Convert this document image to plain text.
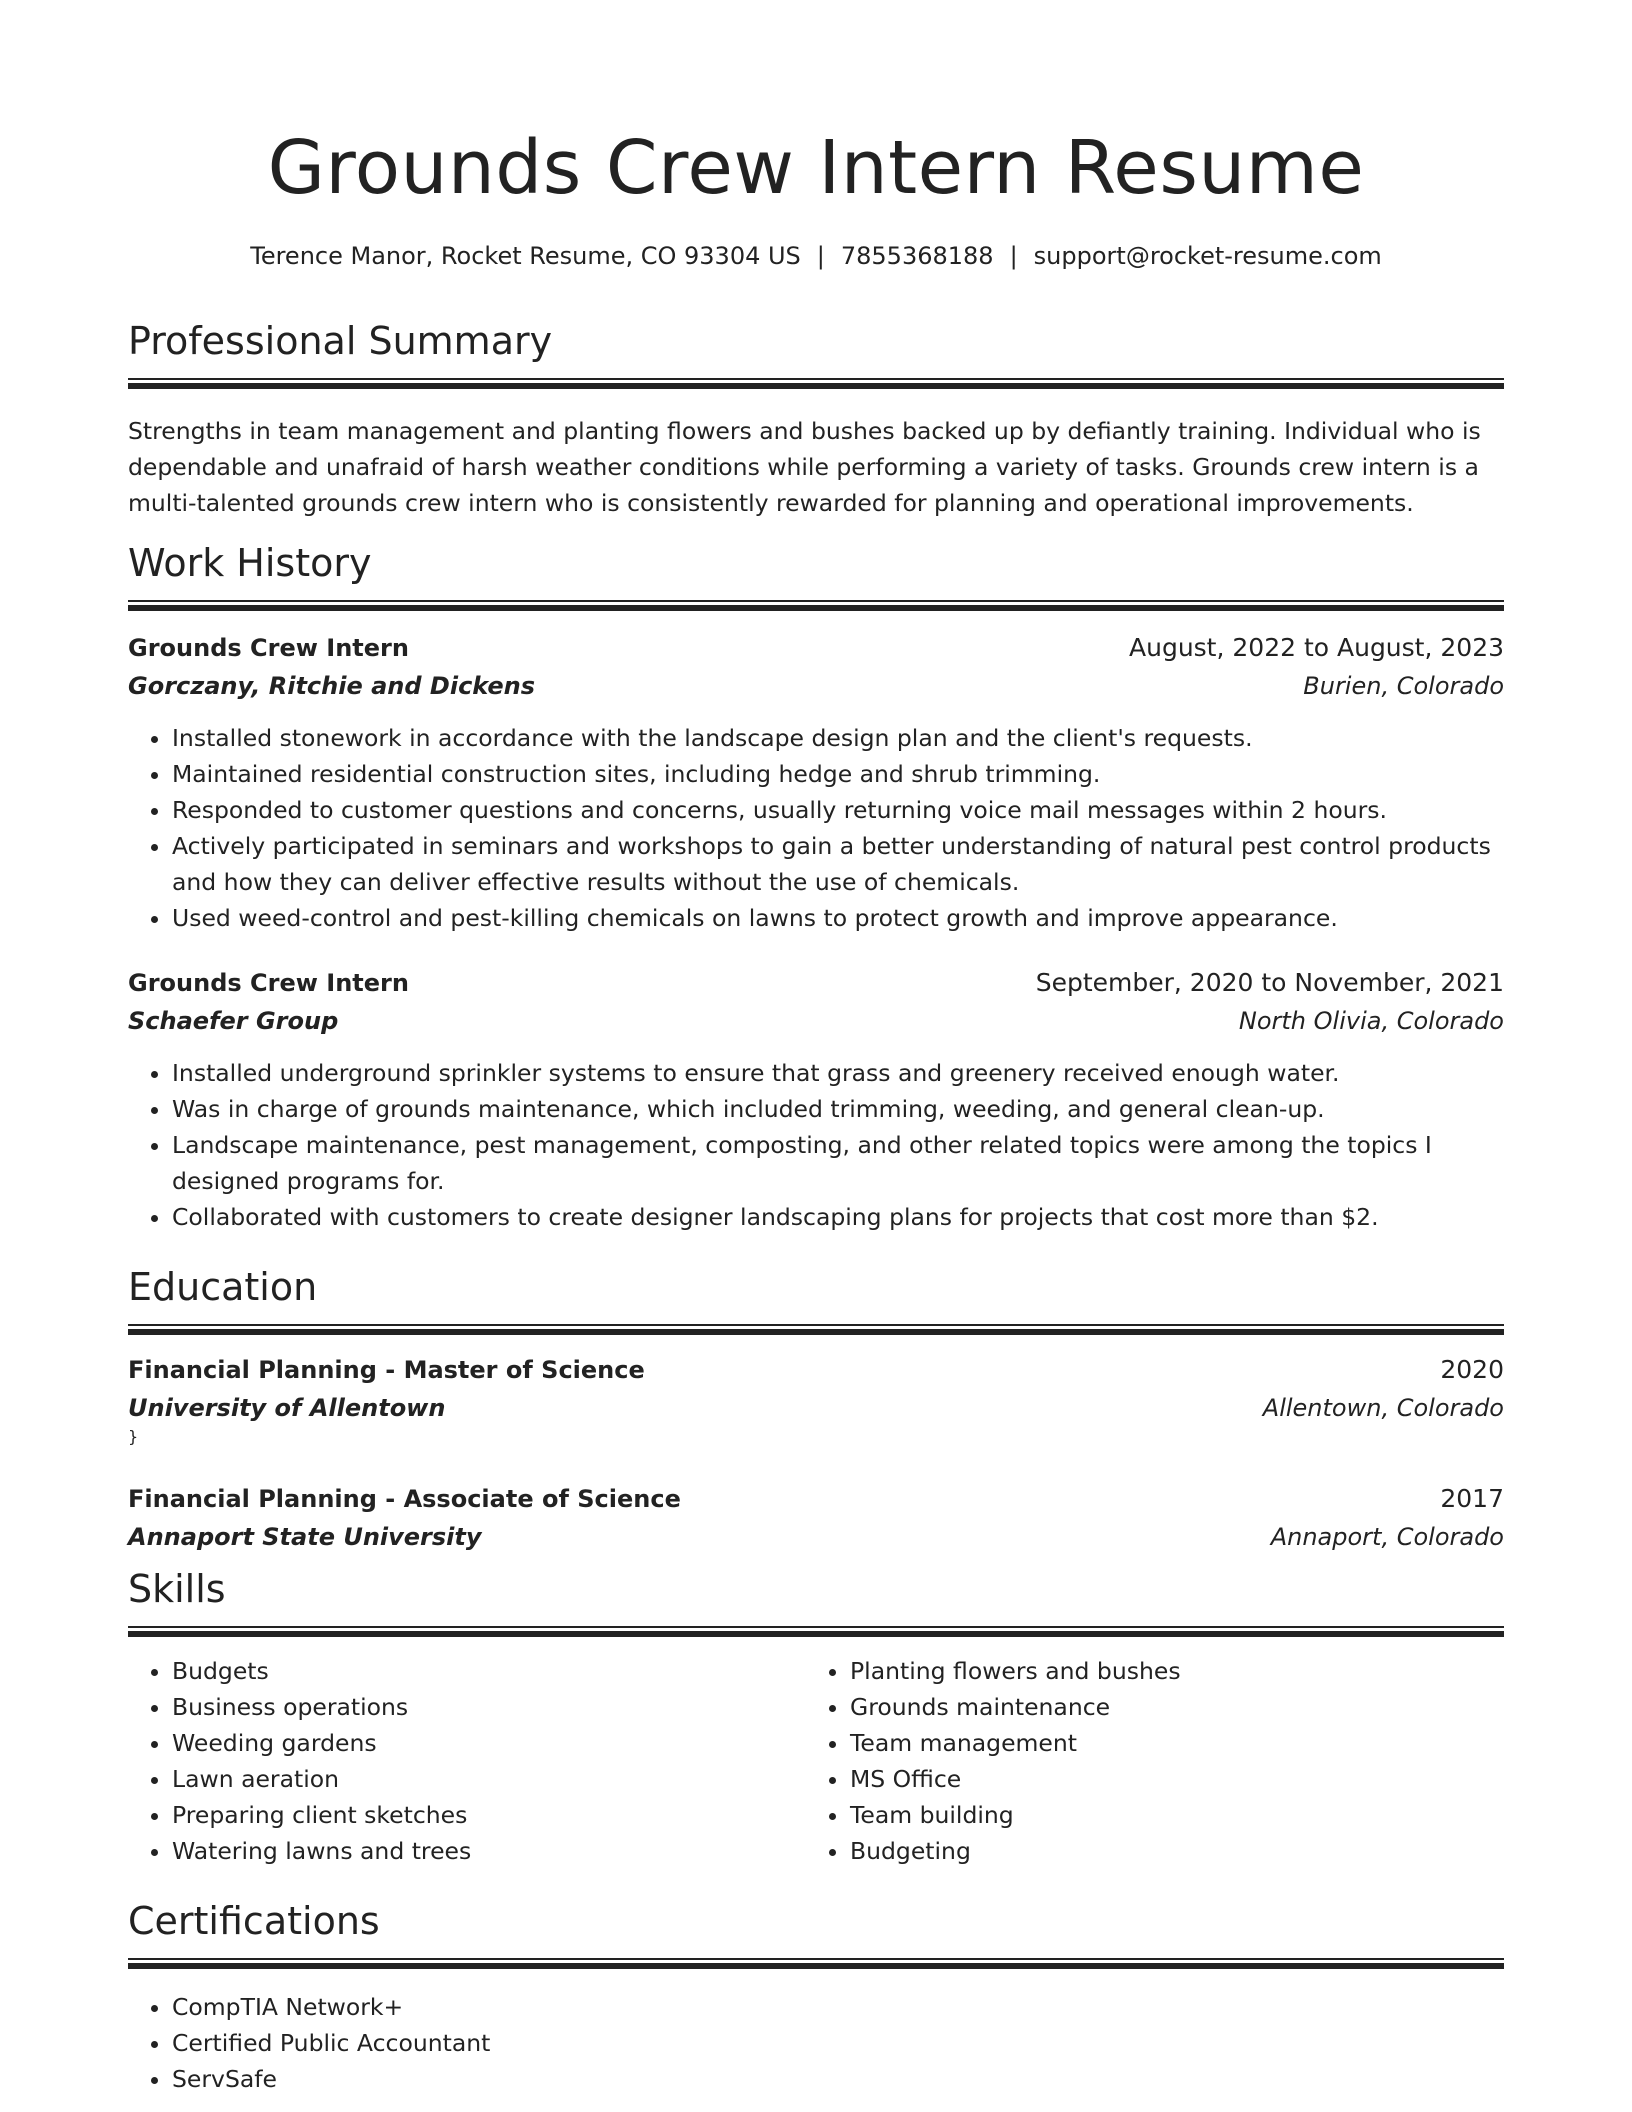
Grounds Crew Intern Resume
Terence Manor, Rocket Resume, CO 93304 US | 7855368188 | support@rocket-resume.com
Professional Summary

Strengths in team management and planting flowers and bushes backed up by defiantly training. Individual who is dependable and unafraid of harsh weather conditions while performing a variety of tasks. Grounds crew intern is a multi-talented grounds crew intern who is consistently rewarded for planning and operational improvements.

Work History
Grounds Crew Intern	August, 2022 to August, 2023
Gorczany, Ritchie and Dickens	Burien, Colorado
• Installed stonework in accordance with the landscape design plan and the client's requests.
• Maintained residential construction sites, including hedge and shrub trimming.
• Responded to customer questions and concerns, usually returning voice mail messages within 2 hours.
• Actively participated in seminars and workshops to gain a better understanding of natural pest control products and how they can deliver effective results without the use of chemicals.
• Used weed-control and pest-killing chemicals on lawns to protect growth and improve appearance.
Grounds Crew Intern	September, 2020 to November, 2021
Schaefer Group	North Olivia, Colorado
• Installed underground sprinkler systems to ensure that grass and greenery received enough water.
• Was in charge of grounds maintenance, which included trimming, weeding, and general clean-up.
• Landscape maintenance, pest management, composting, and other related topics were among the topics I designed programs for.
• Collaborated with customers to create designer landscaping plans for projects that cost more than $2.
Education
Financial Planning - Master of Science	2020
University of Allentown	Allentown, Colorado
}
Financial Planning - Associate of Science	2017
Annaport State University	Annaport, Colorado
Skills
• Budgets
• Business operations
• Weeding gardens
• Lawn aeration
• Preparing client sketches
• Watering lawns and trees
• Planting flowers and bushes
• Grounds maintenance
• Team management
• MS Office
• Team building
• Budgeting
Certifications
• CompTIA Network+
• Certified Public Accountant
• ServSafe
